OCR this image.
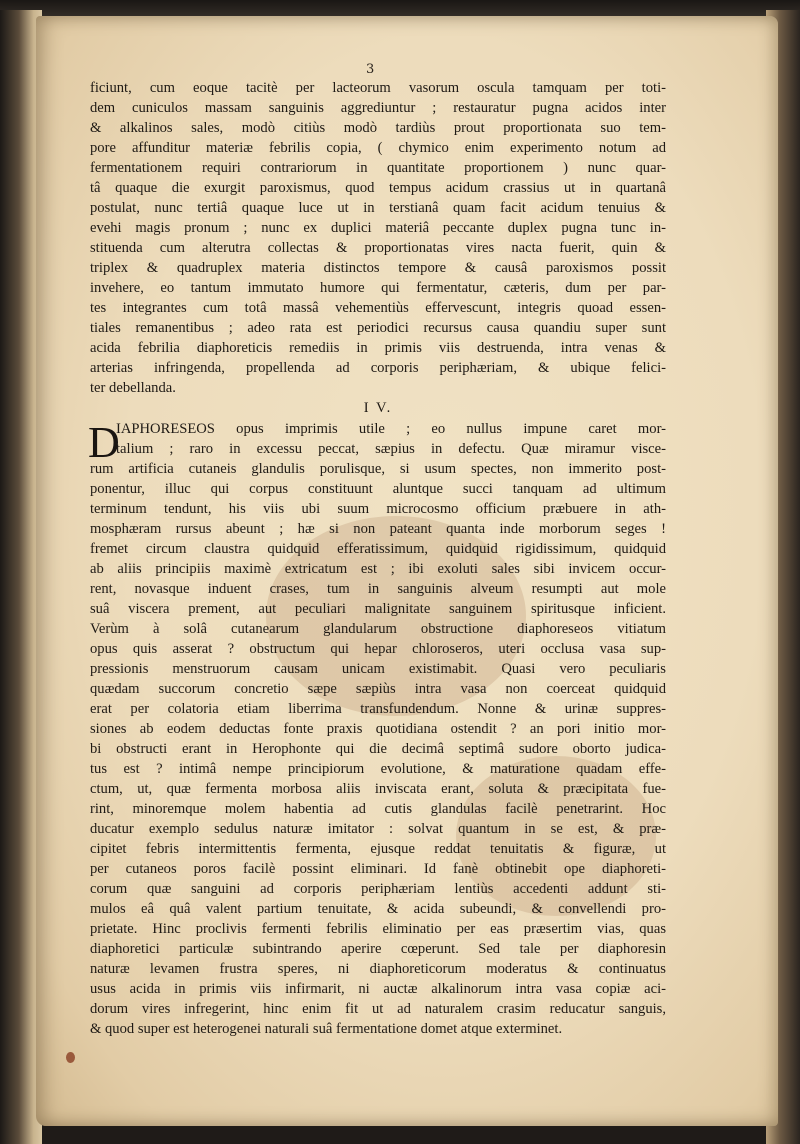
3
ficiunt, cum eoque tacitè per lacteorum vasorum oscula tamquam per toti-
dem cuniculos massam sanguinis aggrediuntur ; restauratur pugna acidos inter
& alkalinos sales, modò citiùs modò tardiùs prout proportionata suo tem-
pore affunditur materiæ febrilis copia, ( chymico enim experimento notum ad
fermentationem requiri contrariorum in quantitate proportionem ) nunc quar-
tâ quaque die exurgit paroxismus, quod tempus acidum crassius ut in quartanâ
postulat, nunc tertiâ quaque luce ut in terstianâ quam facit acidum tenuius &
evehi magis pronum ; nunc ex duplici materiâ peccante duplex pugna tunc in-
stituenda cum alterutra collectas & proportionatas vires nacta fuerit, quin &
triplex & quadruplex materia distinctos tempore & causâ paroxismos possit
invehere, eo tantum immutato humore qui fermentatur, cæteris, dum per par-
tes integrantes cum totâ massâ vehementiùs effervescunt, integris quoad essen-
tiales remanentibus ; adeo rata est periodici recursus causa quandiu super sunt
acida febrilia diaphoreticis remediis in primis viis destruenda, intra venas &
arterias infringenda, propellenda ad corporis periphæriam, & ubique felici-
ter debellanda.
I V.
D
IAPHORESEOS opus imprimis utile ; eo nullus impune caret mor-
talium ; raro in excessu peccat, sæpius in defectu. Quæ miramur visce-
rum artificia cutaneis glandulis porulisque, si usum spectes, non immerito post-
ponentur, illuc qui corpus constituunt aluntque succi tanquam ad ultimum
terminum tendunt, his viis ubi suum microcosmo officium præbuere in ath-
mosphæram rursus abeunt ; hæ si non pateant quanta inde morborum seges !
fremet circum claustra quidquid efferatissimum, quidquid rigidissimum, quidquid
ab aliis principiis maximè extricatum est ; ibi exoluti sales sibi invicem occur-
rent, novasque induent crases, tum in sanguinis alveum resumpti aut mole
suâ viscera prement, aut peculiari malignitate sanguinem spiritusque inficient.
Verùm à solâ cutanearum glandularum obstructione diaphoreseos vitiatum
opus quis asserat ? obstructum qui hepar chloroseros, uteri occlusa vasa sup-
pressionis menstruorum causam unicam existimabit. Quasi vero peculiaris
quædam succorum concretio sæpe sæpiùs intra vasa non coerceat quidquid
erat per colatoria etiam liberrima transfundendum. Nonne & urinæ suppres-
siones ab eodem deductas fonte praxis quotidiana ostendit ? an pori initio mor-
bi obstructi erant in Herophonte qui die decimâ septimâ sudore oborto judica-
tus est ? intimâ nempe principiorum evolutione, & maturatione quadam effe-
ctum, ut, quæ fermenta morbosa aliis inviscata erant, soluta & præcipitata fue-
rint, minoremque molem habentia ad cutis glandulas facilè penetrarint. Hoc
ducatur exemplo sedulus naturæ imitator : solvat quantum in se est, & præ-
cipitet febris intermittentis fermenta, ejusque reddat tenuitatis & figuræ, ut
per cutaneos poros facilè possint eliminari. Id fanè obtinebit ope diaphoreti-
corum quæ sanguini ad corporis periphæriam lentiùs accedenti addunt sti-
mulos eâ quâ valent partium tenuitate, & acida subeundi, & convellendi pro-
prietate. Hinc proclivis fermenti febrilis eliminatio per eas præsertim vias, quas
diaphoretici particulæ subintrando aperire cœperunt. Sed tale per diaphoresin
naturæ levamen frustra speres, ni diaphoreticorum moderatus & continuatus
usus acida in primis viis infirmarit, ni auctæ alkalinorum intra vasa copiæ aci-
dorum vires infregerint, hinc enim fit ut ad naturalem crasim reducatur sanguis,
& quod super est heterogenei naturali suâ fermentatione domet atque exterminet.
